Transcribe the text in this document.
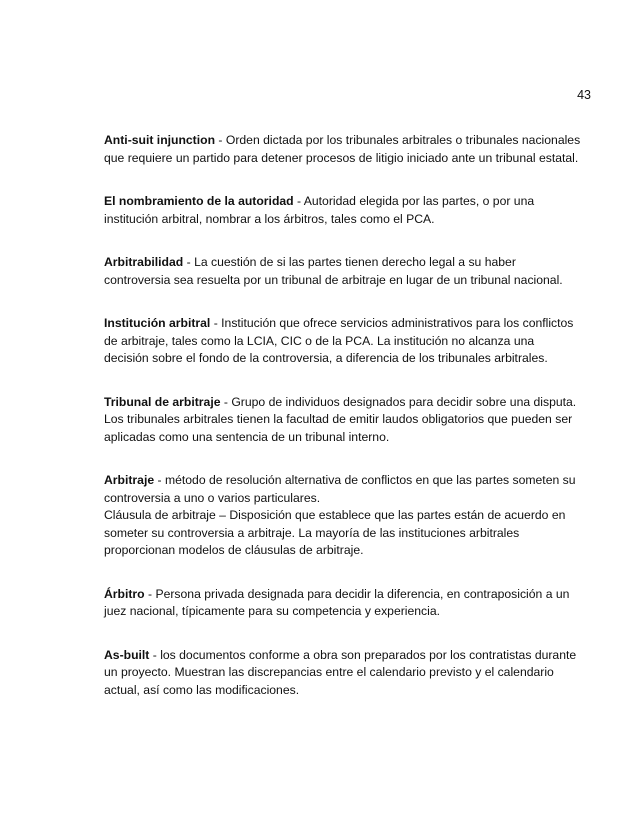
43

Anti-suit injunction - Orden dictada por los tribunales arbitrales o tribunales nacionales
que requiere un partido para detener procesos de litigio iniciado ante un tribunal estatal.

El nombramiento de la autoridad - Autoridad elegida por las partes, o por una
institución arbitral, nombrar a los árbitros, tales como el PCA.

Arbitrabilidad - La cuestión de si las partes tienen derecho legal a su haber
controversia sea resuelta por un tribunal de arbitraje en lugar de un tribunal nacional.

Institución arbitral - Institución que ofrece servicios administrativos para los conflictos
de arbitraje, tales como la LCIA, CIC o de la PCA. La institución no alcanza una
decisión sobre el fondo de la controversia, a diferencia de los tribunales arbitrales.

Tribunal de arbitraje - Grupo de individuos designados para decidir sobre una disputa.
Los tribunales arbitrales tienen la facultad de emitir laudos obligatorios que pueden ser
aplicadas como una sentencia de un tribunal interno.

Arbitraje - método de resolución alternativa de conflictos en que las partes someten su
controversia a uno o varios particulares.
Cláusula de arbitraje – Disposición que establece que las partes están de acuerdo en
someter su controversia a arbitraje. La mayoría de las instituciones arbitrales
proporcionan modelos de cláusulas de arbitraje.

Árbitro - Persona privada designada para decidir la diferencia, en contraposición a un
juez nacional, típicamente para su competencia y experiencia.

As-built - los documentos conforme a obra son preparados por los contratistas durante
un proyecto. Muestran las discrepancias entre el calendario previsto y el calendario
actual, así como las modificaciones.
